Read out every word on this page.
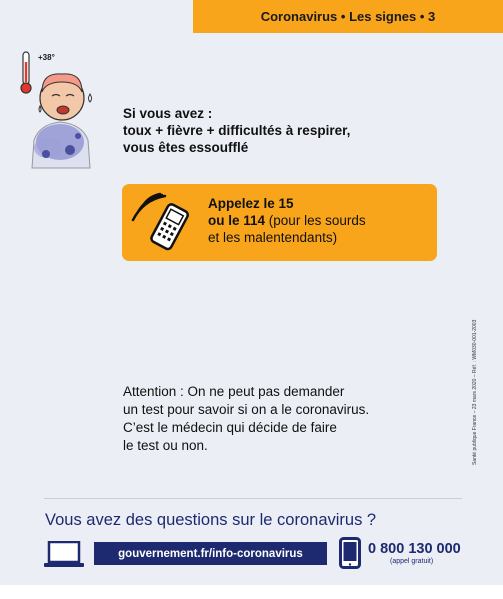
Coronavirus • Les signes • 3
+38°
Si vous avez :
toux + fièvre + difficultés à respirer,
vous êtes essoufflé
Appelez le 15
ou le 114 (pour les sourds
et les malentendants)
Santé publique France – 23 mars 2020 – Réf. : WM030-001-2003
Attention : On ne peut pas demander
un test pour savoir si on a le coronavirus.
C’est le médecin qui décide de faire
le test ou non.
Vous avez des questions sur le coronavirus ?
gouvernement.fr/info-coronavirus	0 800 130 000
(appel gratuit)
